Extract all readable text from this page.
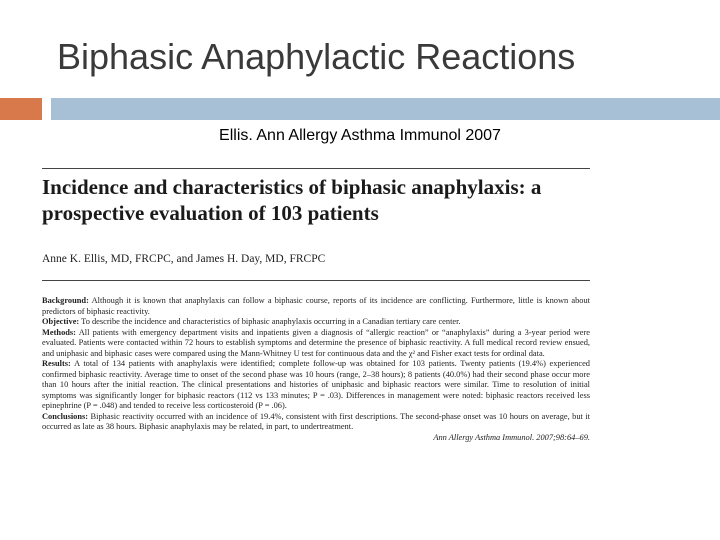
Biphasic Anaphylactic Reactions
Ellis. Ann Allergy Asthma Immunol 2007
Incidence and characteristics of biphasic anaphylaxis: a prospective evaluation of 103 patients
Anne K. Ellis, MD, FRCPC, and James H. Day, MD, FRCPC

Background: Although it is known that anaphylaxis can follow a biphasic course, reports of its incidence are conflicting. Furthermore, little is known about predictors of biphasic reactivity.

Objective: To describe the incidence and characteristics of biphasic anaphylaxis occurring in a Canadian tertiary care center.

Methods: All patients with emergency department visits and inpatients given a diagnosis of “allergic reaction” or “anaphylaxis” during a 3-year period were evaluated. Patients were contacted within 72 hours to establish symptoms and determine the presence of biphasic reactivity. A full medical record review ensued, and uniphasic and biphasic cases were compared using the Mann-Whitney U test for continuous data and the χ² and Fisher exact tests for ordinal data.

Results: A total of 134 patients with anaphylaxis were identified; complete follow-up was obtained for 103 patients. Twenty patients (19.4%) experienced confirmed biphasic reactivity. Average time to onset of the second phase was 10 hours (range, 2–38 hours); 8 patients (40.0%) had their second phase occur more than 10 hours after the initial reaction. The clinical presentations and histories of uniphasic and biphasic reactors were similar. Time to resolution of initial symptoms was significantly longer for biphasic reactors (112 vs 133 minutes; P = .03). Differences in management were noted: biphasic reactors received less epinephrine (P = .048) and tended to receive less corticosteroid (P = .06).

Conclusions: Biphasic reactivity occurred with an incidence of 19.4%, consistent with first descriptions. The second-phase onset was 10 hours on average, but it occurred as late as 38 hours. Biphasic anaphylaxis may be related, in part, to undertreatment.

Ann Allergy Asthma Immunol. 2007;98:64–69.
